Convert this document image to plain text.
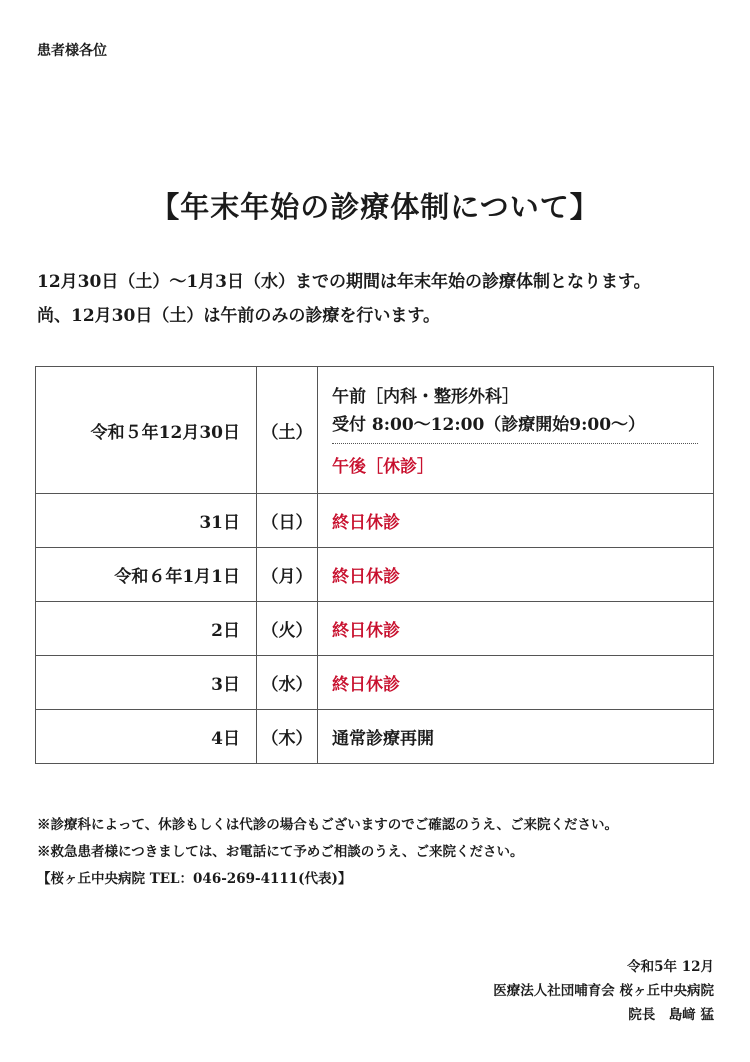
患者様各位
【年末年始の診療体制について】
12月30日（土）～1月3日（水）までの期間は年末年始の診療体制となります。
尚、12月30日（土）は午前のみの診療を行います。
令和５年12月30日	（土）	午前［内科・整形外科］
受付 8:00～12:00（診療開始9:00～）
午後［休診］

31日	（日）	終日休診
令和６年1月1日	（月）	終日休診
2日	（火）	終日休診
3日	（水）	終日休診
4日	（木）	通常診療再開
※診療科によって、休診もしくは代診の場合もございますのでご確認のうえ、ご来院ください。
※救急患者様につきましては、お電話にて予めご相談のうえ、ご来院ください。
【桜ヶ丘中央病院 TEL：046-269-4111(代表)】
令和5年 12月
医療法人社団哺育会 桜ヶ丘中央病院
院長　島﨑 猛
